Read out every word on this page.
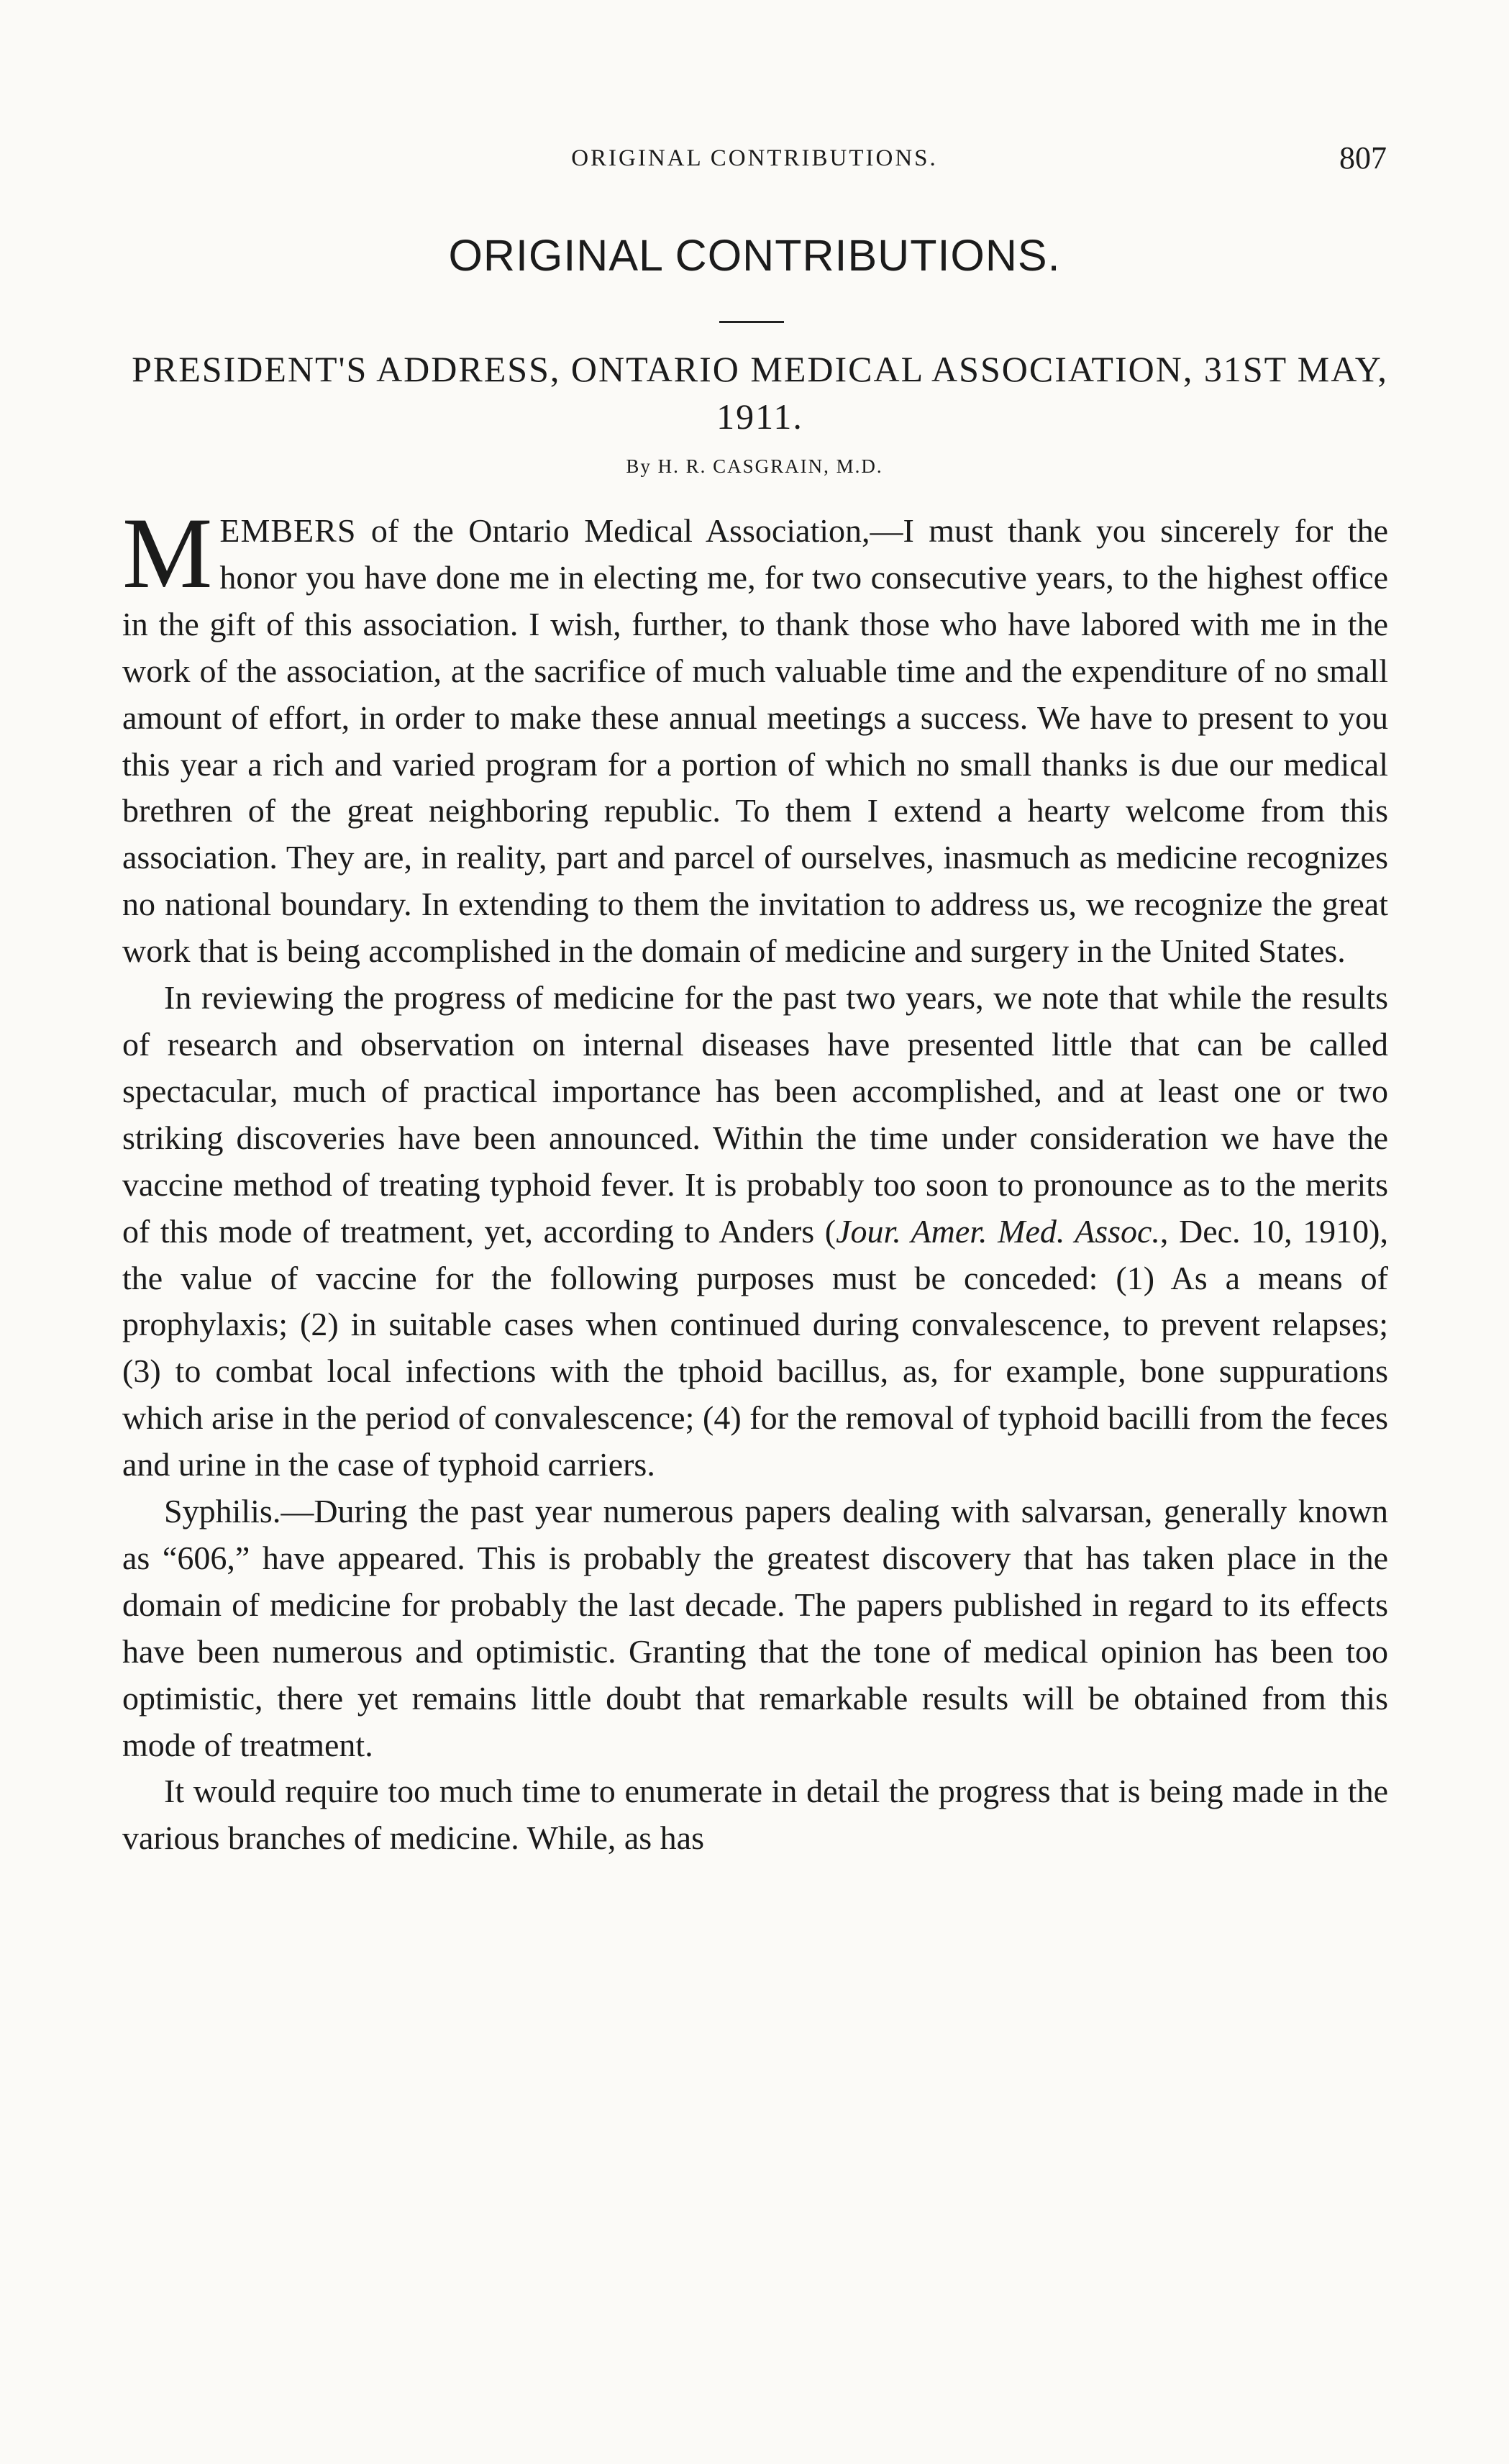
ORIGINAL CONTRIBUTIONS.	807
ORIGINAL CONTRIBUTIONS.
PRESIDENT'S ADDRESS, ONTARIO MEDICAL ASSOCIATION, 31ST MAY, 1911.
By H. R. CASGRAIN, M.D.

MEMBERS of the Ontario Medical Association,—I must thank you sincerely for the honor you have done me in electing me, for two consecutive years, to the highest office in the gift of this association. I wish, further, to thank those who have labored with me in the work of the association, at the sacrifice of much valuable time and the expenditure of no small amount of effort, in order to make these annual meetings a success. We have to present to you this year a rich and varied program for a portion of which no small thanks is due our medical brethren of the great neighboring republic. To them I extend a hearty welcome from this association. They are, in reality, part and parcel of ourselves, inasmuch as medicine recognizes no national boundary. In extending to them the invitation to address us, we recognize the great work that is being accomplished in the domain of medicine and surgery in the United States.

In reviewing the progress of medicine for the past two years, we note that while the results of research and observation on internal diseases have presented little that can be called spectacular, much of practical importance has been accomplished, and at least one or two striking discoveries have been announced. Within the time under consideration we have the vaccine method of treating typhoid fever. It is probably too soon to pronounce as to the merits of this mode of treatment, yet, according to Anders (Jour. Amer. Med. Assoc., Dec. 10, 1910), the value of vaccine for the following purposes must be conceded: (1) As a means of prophylaxis; (2) in suitable cases when continued during convalescence, to prevent relapses; (3) to combat local infections with the tphoid bacillus, as, for example, bone suppurations which arise in the period of convalescence; (4) for the removal of typhoid bacilli from the feces and urine in the case of typhoid carriers.

Syphilis.—During the past year numerous papers dealing with salvarsan, generally known as “606,” have appeared. This is probably the greatest discovery that has taken place in the domain of medicine for probably the last decade. The papers published in regard to its effects have been numerous and optimistic. Granting that the tone of medical opinion has been too optimistic, there yet remains little doubt that remarkable results will be obtained from this mode of treatment.

It would require too much time to enumerate in detail the progress that is being made in the various branches of medicine. While, as has
